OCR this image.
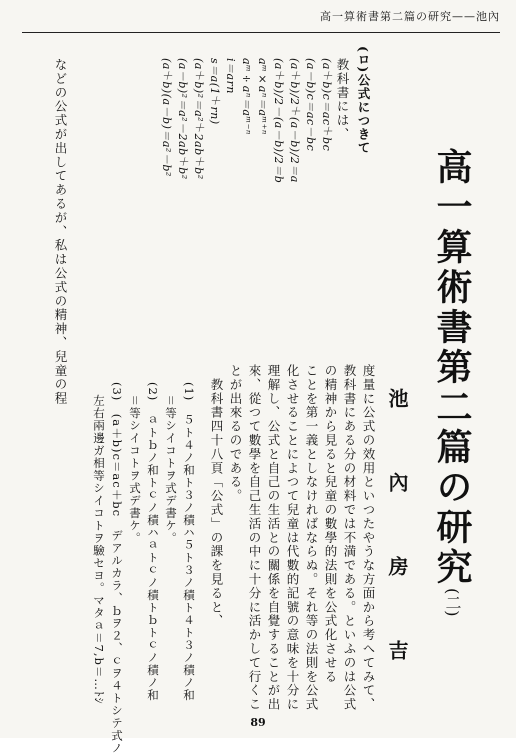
高一算術書第二篇の研究——池內
高一算術書第二篇の研究(二)
池　內　房　吉
度量に公式の效用といつたやうな方面から考へてみて、
教科書にある分の材料では不満である。といふのは公式
の精神から見ると兒童の數學的法則を公式化させる
ことを第一義としなければならぬ。それ等の法則を公式
化させることによつて兒童は代數的記號の意味を十分に
理解し、公式と自己の生活との關係を自覺することが出
來、從つて數學を自己生活の中に十分に活かして行くこ
とが出來るのである。
　教科書四十八頁「公式」の課を見ると、
(1)　５ト４ノ和ト３ノ積ハ５ト３ノ積ト４ト３ノ積ノ和
　＝等シイコトヲ式デ書ケ。
(2)　ａトｂノ和トｃノ積ハａトｃノ積トｂトｃノ積ノ和
　＝等シイコトヲ式デ書ケ。
(3)　(a＋b)c＝ac＋bc　デアルカラ、ｂヲ２、ｃヲ４トシテ式ノ
　左右兩邊ガ相等シイコトヲ驗セヨ。マタａ＝7,b＝…ﾄｼ
(ロ)公式につきて
教科書には、
(a＋b)c＝ac＋bc
(a－b)c＝ac－bc
(a＋b)/2＋(a－b)/2＝a
(a＋b)/2－(a－b)/2＝b
aᵐ×aⁿ＝aᵐ⁺ⁿ
aᵐ÷aⁿ＝aᵐ⁻ⁿ
i＝arn
s＝a(1＋rn)
(a＋b)²＝a²＋2ab＋b²
(a－b)²＝a²－2ab＋b²
(a＋b)(a－b)＝a²－b²
などの公式が出してあるが、私は公式の精神、兒童の程
89
